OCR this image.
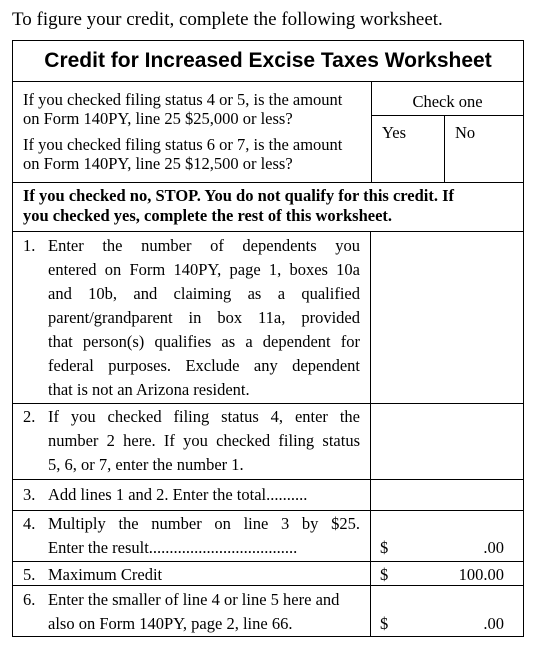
To figure your credit, complete the following worksheet.
Credit for Increased Excise Taxes Worksheet
If you checked filing status 4 or 5, is the amount
on Form 140PY, line 25 $25,000 or less?
If you checked filing status 6 or 7, is the amount
on Form 140PY, line 25 $12,500 or less?
Check one
Yes	No
If you checked no, STOP. You do not qualify for this credit. If
you checked yes, complete the rest of this worksheet.
1. Enter the number of dependents you
entered on Form 140PY, page 1, boxes 10a
and 10b, and claiming as a qualified
parent/grandparent in box 11a, provided
that person(s) qualifies as a dependent for
federal purposes. Exclude any dependent
that is not an Arizona resident.
2. If you checked filing status 4, enter the
number 2 here. If you checked filing status
5, 6, or 7, enter the number 1.
3. Add lines 1 and 2. Enter the total..........
4. Multiply the number on line 3 by $25.
Enter the result....................................	$	.00
5. Maximum Credit	$	100.00
6. Enter the smaller of line 4 or line 5 here and
also on Form 140PY, page 2, line 66.	$	.00
